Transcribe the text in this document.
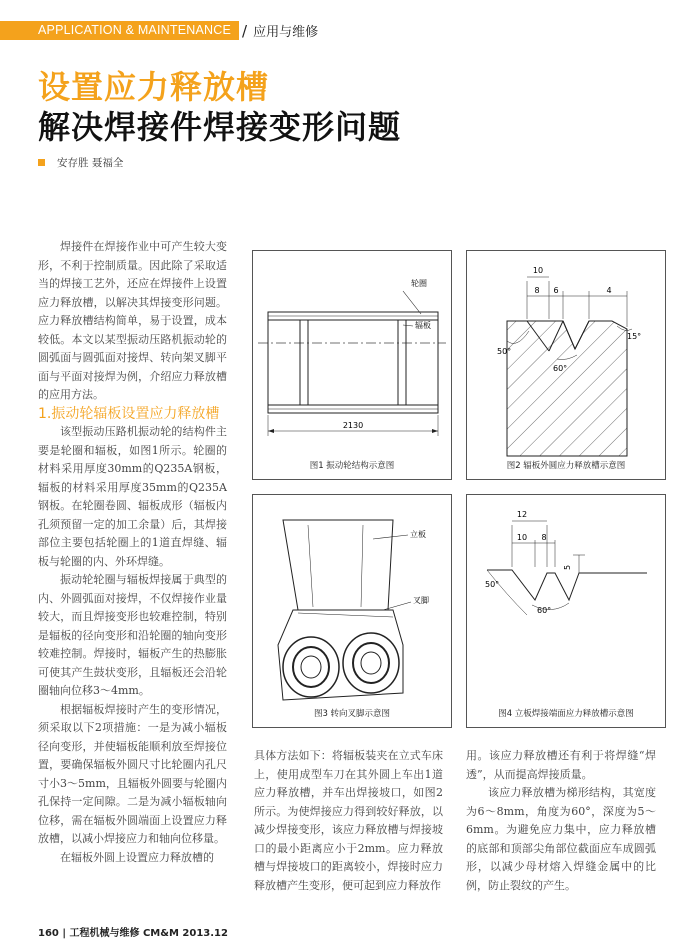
APPLICATION & MAINTENANCE / 应用与维修
设置应力释放槽
解决焊接件焊接变形问题
安存胜 聂福全

焊接件在焊接作业中可产生较大变形，不利于控制质量。因此除了采取适当的焊接工艺外，还应在焊接件上设置应力释放槽，以解决其焊接变形问题。应力释放槽结构简单，易于设置，成本较低。本文以某型振动压路机振动轮的圆弧面与圆弧面对接焊、转向架叉脚平面与平面对接焊为例，介绍应力释放槽的应用方法。

1.振动轮辐板设置应力释放槽

该型振动压路机振动轮的结构件主要是轮圈和辐板，如图1所示。轮圈的材料采用厚度30mm的Q235A钢板，辐板的材料采用厚度35mm的Q235A钢板。在轮圈卷圆、辐板成形（辐板内孔须预留一定的加工余量）后，其焊接部位主要包括轮圈上的1道直焊缝、辐板与轮圈的内、外环焊缝。

振动轮轮圈与辐板焊接属于典型的内、外圆弧面对接焊，不仅焊接作业量较大，而且焊接变形也较难控制，特别是辐板的径向变形和沿轮圈的轴向变形较难控制。焊接时，辐板产生的热膨胀可使其产生鼓状变形，且辐板还会沿轮圈轴向位移3～4mm。

根据辐板焊接时产生的变形情况，须采取以下2项措施：一是为减小辐板径向变形，并使辐板能顺利放至焊接位置，要确保辐板外圆尺寸比轮圈内孔尺寸小3～5mm，且辐板外圆要与轮圈内孔保持一定间隙。二是为减小辐板轴向位移，需在辐板外圆端面上设置应力释放槽，以减小焊接应力和轴向位移量。

在辐板外圆上设置应力释放槽的

具体方法如下：将辐板装夹在立式车床上，使用成型车刀在其外圆上车出1道应力释放槽，并车出焊接坡口，如图2所示。为使焊接应力得到较好释放，以减少焊接变形，该应力释放槽与焊接坡口的最小距离应小于2mm。应力释放槽与焊接坡口的距离较小，焊接时应力释放槽产生变形，便可起到应力释放作

用。该应力释放槽还有利于将焊缝“焊透”，从而提高焊接质量。

该应力释放槽为梯形结构，其宽度为6～8mm，角度为60°，深度为5～6mm。为避免应力集中，应力释放槽的底部和顶部尖角部位截面应车成圆弧形，以减少母材熔入焊缝金属中的比例，防止裂纹的产生。

轮圈
辐板
2130
图1 振动轮结构示意图
10
8 6	4
50°
60°
15°
图2 辐板外圆应力释放槽示意图
立板
叉脚
图3 转向叉脚示意图
12
10 8
5
50°
60°
图4 立板焊接端面应力释放槽示意图
160 | 工程机械与维修 CM&M 2013.12
